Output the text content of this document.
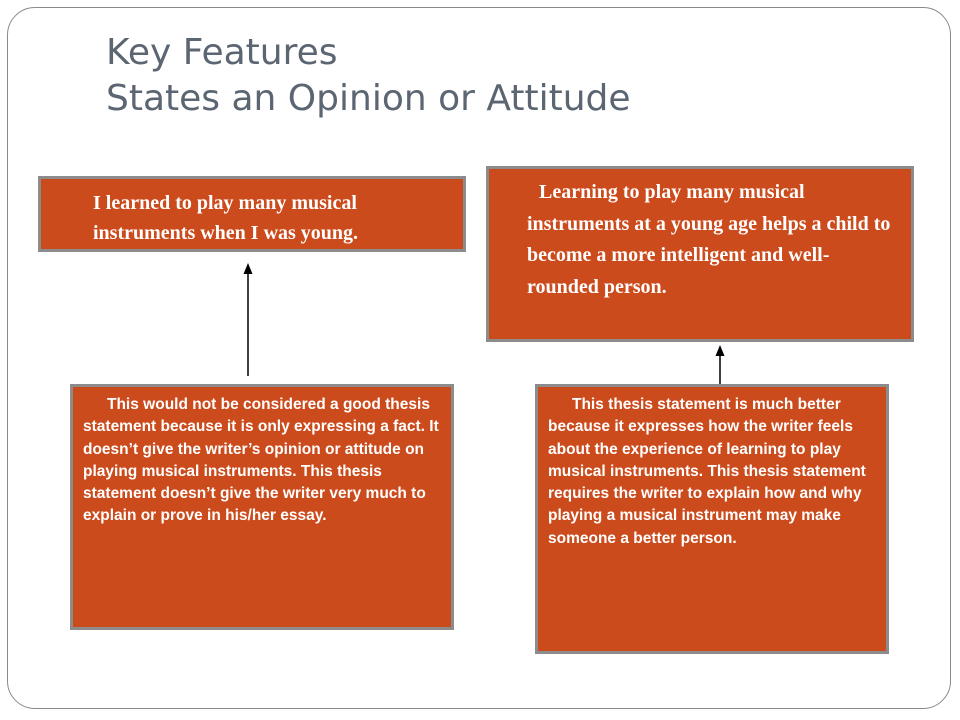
Key Features
States an Opinion or Attitude
I learned to play many musical instruments when I was young.
Learning to play many musical instruments at a young age helps a child to become a more intelligent and well-rounded person.
This would not be considered a good thesis statement because it is only expressing a fact. It doesn’t give the writer’s opinion or attitude on playing musical instruments. This thesis statement doesn’t give the writer very much to explain or prove in his/her essay.
This thesis statement is much better because it expresses how the writer feels about the experience of learning to play musical instruments. This thesis statement requires the writer to explain how and why playing a musical instrument may make someone a better person.
